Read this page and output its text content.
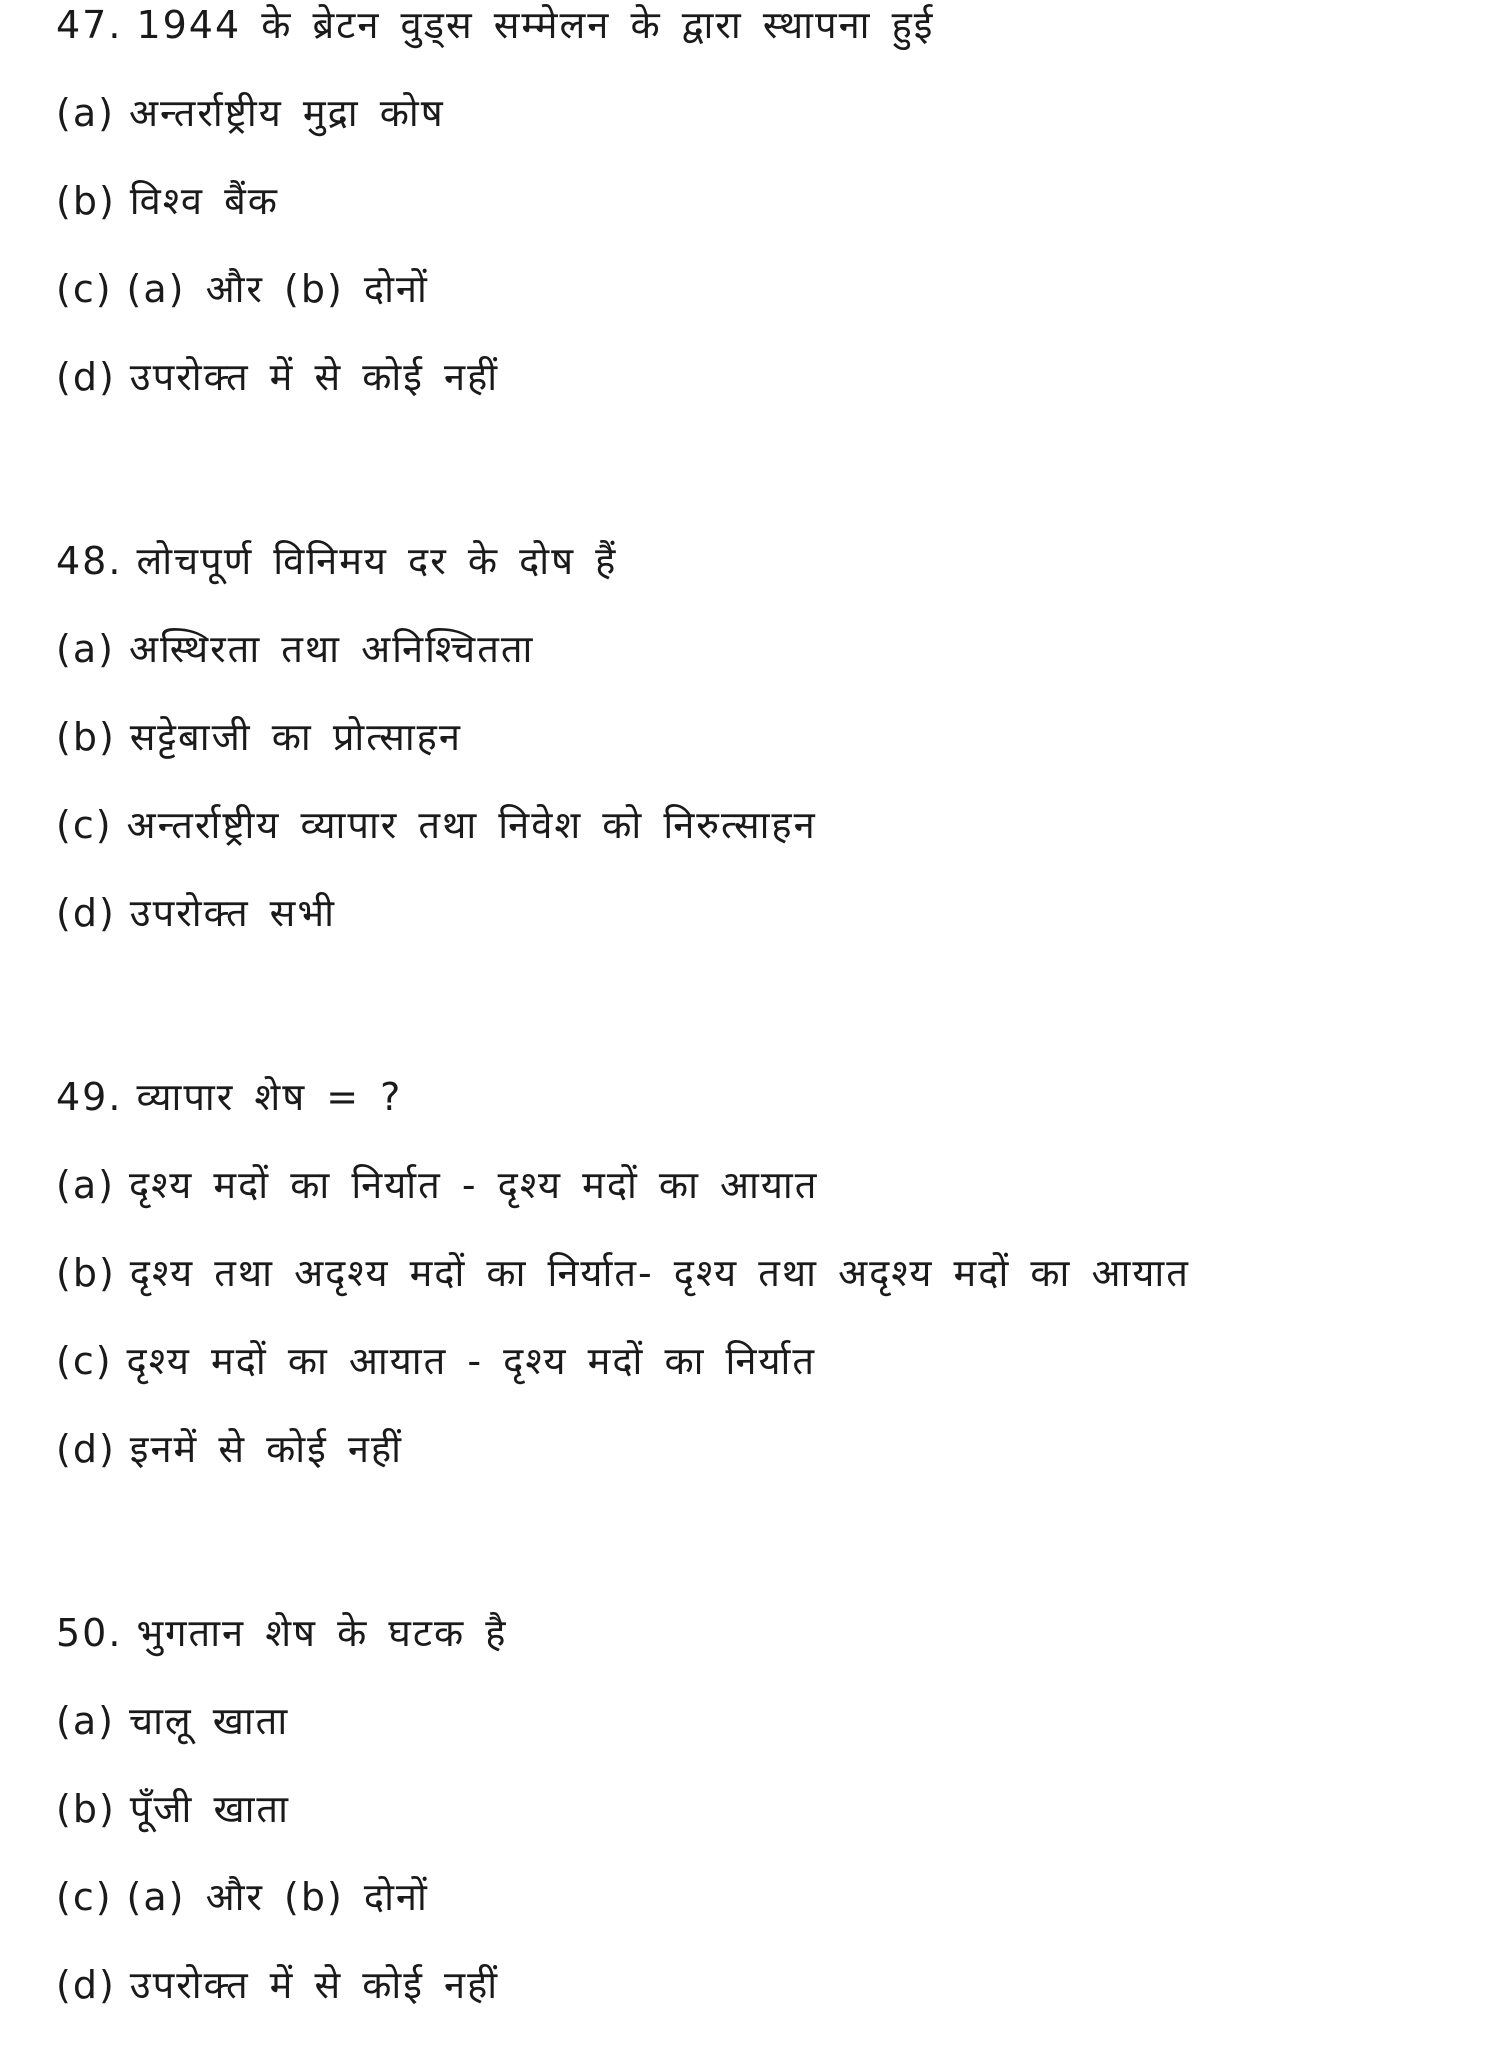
47. 1944 के ब्रेटन वुड्स सम्मेलन के द्वारा स्थापना हुई
(a) अन्तर्राष्ट्रीय मुद्रा कोष
(b) विश्व बैंक
(c) (a) और (b) दोनों
(d) उपरोक्त में से कोई नहीं
48. लोचपूर्ण विनिमय दर के दोष हैं
(a) अस्थिरता तथा अनिश्चितता
(b) सट्टेबाजी का प्रोत्साहन
(c) अन्तर्राष्ट्रीय व्यापार तथा निवेश को निरुत्साहन
(d) उपरोक्त सभी
49. व्यापार शेष = ?
(a) दृश्य मदों का निर्यात - दृश्य मदों का आयात
(b) दृश्य तथा अदृश्य मदों का निर्यात- दृश्य तथा अदृश्य मदों का आयात
(c) दृश्य मदों का आयात - दृश्य मदों का निर्यात
(d) इनमें से कोई नहीं
50. भुगतान शेष के घटक है
(a) चालू खाता
(b) पूँजी खाता
(c) (a) और (b) दोनों
(d) उपरोक्त में से कोई नहीं
